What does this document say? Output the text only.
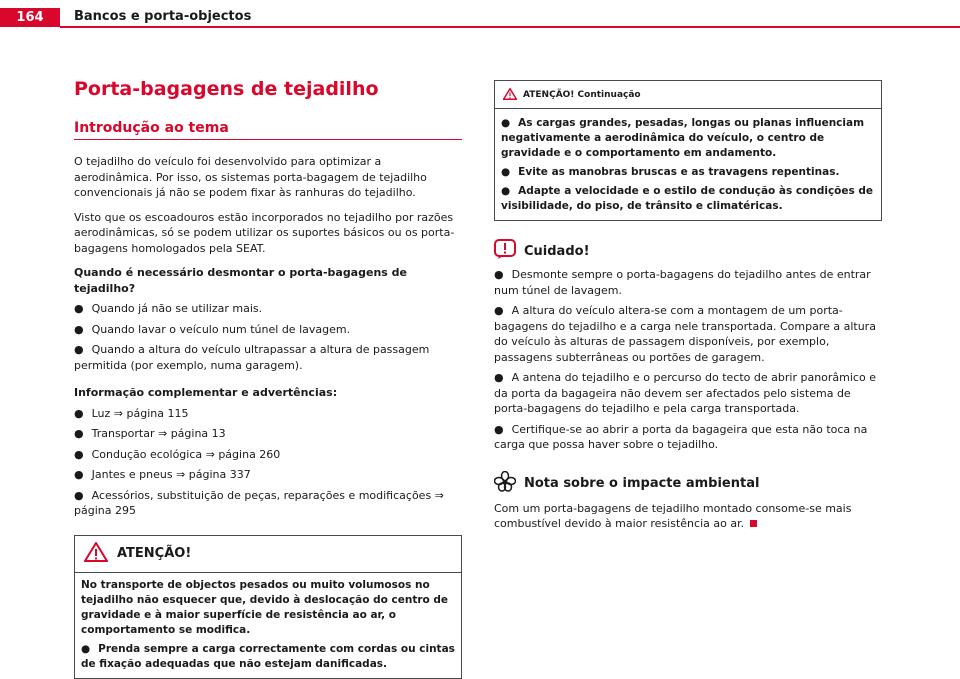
164	Bancos e porta-objectos
Porta-bagagens de tejadilho
Introdução ao tema
O tejadilho do veículo foi desenvolvido para optimizar a aerodinâmica. Por isso, os sistemas porta-bagagem de tejadilho convencionais já não se podem fixar às ranhuras do tejadilho.
Visto que os escoadouros estão incorporados no tejadilho por razões aerodinâmicas, só se podem utilizar os suportes básicos ou os porta-bagagens homologados pela SEAT.
Quando é necessário desmontar o porta-bagagens de tejadilho?
● Quando já não se utilizar mais.
● Quando lavar o veículo num túnel de lavagem.
● Quando a altura do veículo ultrapassar a altura de passagem permitida (por exemplo, numa garagem).
Informação complementar e advertências:
● Luz ⇒ página 115
● Transportar ⇒ página 13
● Condução ecológica ⇒ página 260
● Jantes e pneus ⇒ página 337
● Acessórios, substituição de peças, reparações e modificações ⇒ página 295
ATENÇÃO!
No transporte de objectos pesados ou muito volumosos no tejadilho não esquecer que, devido à deslocação do centro de gravidade e à maior superfície de resistência ao ar, o comportamento se modifica.
● Prenda sempre a carga correctamente com cordas ou cintas de fixação adequadas que não estejam danificadas.
ATENÇÃO! Continuação
● As cargas grandes, pesadas, longas ou planas influenciam negativamente a aerodinâmica do veículo, o centro de gravidade e o comportamento em andamento.
● Evite as manobras bruscas e as travagens repentinas.
● Adapte a velocidade e o estilo de condução às condições de visibilidade, do piso, de trânsito e climatéricas.
Cuidado!
● Desmonte sempre o porta-bagagens do tejadilho antes de entrar num túnel de lavagem.
● A altura do veículo altera-se com a montagem de um porta-bagagens do tejadilho e a carga nele transportada. Compare a altura do veículo às alturas de passagem disponíveis, por exemplo, passagens subterrâneas ou portões de garagem.
● A antena do tejadilho e o percurso do tecto de abrir panorâmico e da porta da bagageira não devem ser afectados pelo sistema de porta-bagagens do tejadilho e pela carga transportada.
● Certifique-se ao abrir a porta da bagageira que esta não toca na carga que possa haver sobre o tejadilho.
Nota sobre o impacte ambiental
Com um porta-bagagens de tejadilho montado consome-se mais combustível devido à maior resistência ao ar.
